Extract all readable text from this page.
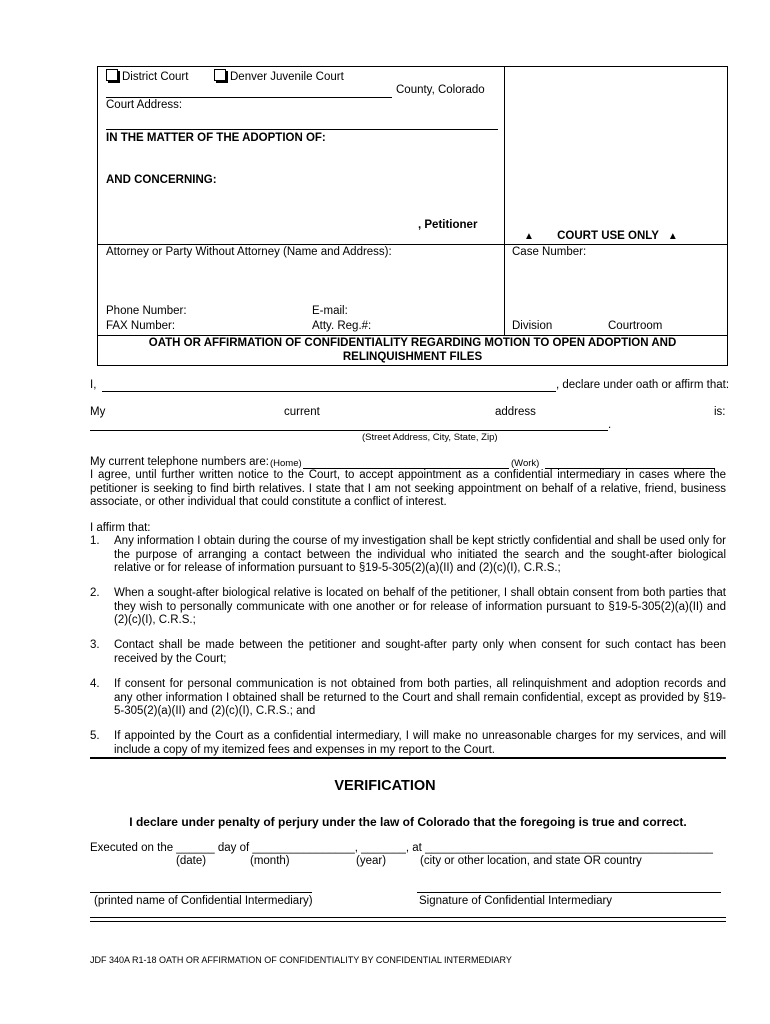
District Court	Denver Juvenile Court
County, Colorado
Court Address:
IN THE MATTER OF THE ADOPTION OF:
AND CONCERNING:
, Petitioner
▲ COURT USE ONLY ▲
Attorney or Party Without Attorney (Name and Address):	Case Number:
Phone Number:	E-mail:
FAX Number:	Atty. Reg.#:	Division	Courtroom
OATH OR AFFIRMATION OF CONFIDENTIALITY REGARDING MOTION TO OPEN ADOPTION AND
RELINQUISHMENT FILES
I,	, declare under oath or affirm that:
My	current	address	is:
.
(Street Address, City, State, Zip)
My current telephone numbers are: (Home)	(Work)
I agree, until further written notice to the Court, to accept appointment as a confidential intermediary in cases where the petitioner is seeking to find birth relatives. I state that I am not seeking appointment on behalf of a relative, friend, business associate, or other individual that could constitute a conflict of interest.
I affirm that:
1. Any information I obtain during the course of my investigation shall be kept strictly confidential and shall be used only for the purpose of arranging a contact between the individual who initiated the search and the sought-after biological relative or for release of information pursuant to §19-5-305(2)(a)(II) and (2)(c)(I), C.R.S.;
2. When a sought-after biological relative is located on behalf of the petitioner, I shall obtain consent from both parties that they wish to personally communicate with one another or for release of information pursuant to §19-5-305(2)(a)(II) and (2)(c)(I), C.R.S.;
3. Contact shall be made between the petitioner and sought-after party only when consent for such contact has been received by the Court;
4. If consent for personal communication is not obtained from both parties, all relinquishment and adoption records and any other information I obtained shall be returned to the Court and shall remain confidential, except as provided by §19-5-305(2)(a)(II) and (2)(c)(I), C.R.S.; and
5. If appointed by the Court as a confidential intermediary, I will make no unreasonable charges for my services, and will include a copy of my itemized fees and expenses in my report to the Court.
VERIFICATION
I declare under penalty of perjury under the law of Colorado that the foregoing is true and correct.
Executed on the ______ day of ________________, _______, at _____________________________________________
(date)	(month)	(year)	(city or other location, and state OR country
(printed name of Confidential Intermediary)	Signature of Confidential Intermediary
JDF 340A R1-18 OATH OR AFFIRMATION OF CONFIDENTIALITY BY CONFIDENTIAL INTERMEDIARY
